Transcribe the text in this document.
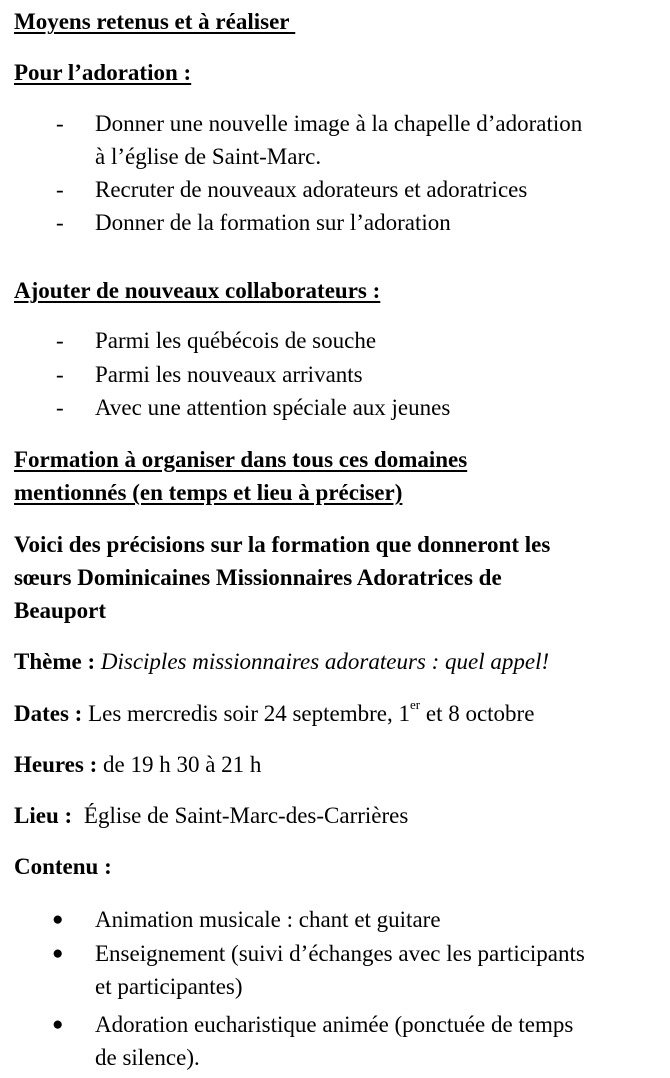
Moyens retenus et à réaliser
Pour l’adoration :
- Donner une nouvelle image à la chapelle d’adoration
à l’église de Saint-Marc.
- Recruter de nouveaux adorateurs et adoratrices
- Donner de la formation sur l’adoration
Ajouter de nouveaux collaborateurs :
- Parmi les québécois de souche
- Parmi les nouveaux arrivants
- Avec une attention spéciale aux jeunes
Formation à organiser dans tous ces domaines
mentionnés (en temps et lieu à préciser)
Voici des précisions sur la formation que donneront les
sœurs Dominicaines Missionnaires Adoratrices de
Beauport
Thème : Disciples missionnaires adorateurs : quel appel!
Dates : Les mercredis soir 24 septembre, 1er et 8 octobre
Heures : de 19 h 30 à 21 h
Lieu : Église de Saint-Marc-des-Carrières
Contenu :
● Animation musicale : chant et guitare
● Enseignement (suivi d’échanges avec les participants
et participantes)
● Adoration eucharistique animée (ponctuée de temps
de silence).
